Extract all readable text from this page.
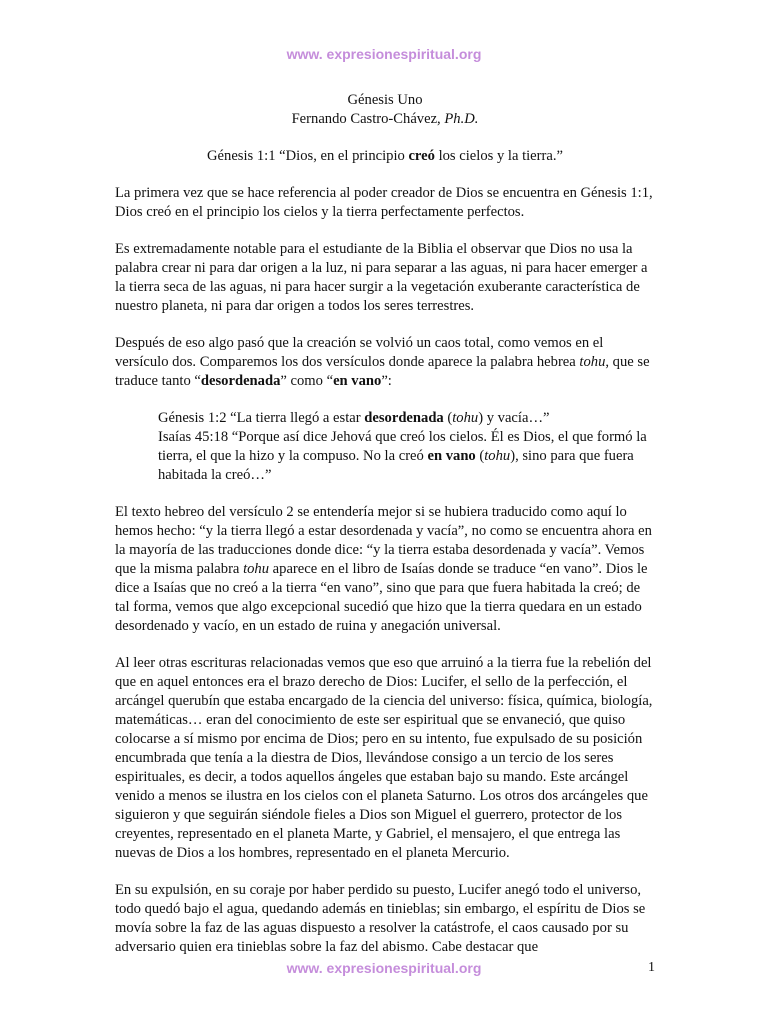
www. expresionespiritual.org
Génesis Uno
Fernando Castro-Chávez, Ph.D.
Génesis 1:1 “Dios, en el principio creó los cielos y la tierra.”

La primera vez que se hace referencia al poder creador de Dios se encuentra en Génesis 1:1, Dios creó en el principio los cielos y la tierra perfectamente perfectos.

Es extremadamente notable para el estudiante de la Biblia el observar que Dios no usa la palabra crear ni para dar origen a la luz, ni para separar a las aguas, ni para hacer emerger a la tierra seca de las aguas, ni para hacer surgir a la vegetación exuberante característica de nuestro planeta, ni para dar origen a todos los seres terrestres.

Después de eso algo pasó que la creación se volvió un caos total, como vemos en el versículo dos. Comparemos los dos versículos donde aparece la palabra hebrea tohu, que se traduce tanto “desordenada” como “en vano”:

Génesis 1:2 “La tierra llegó a estar desordenada (tohu) y vacía…”
Isaías 45:18 “Porque así dice Jehová que creó los cielos. Él es Dios, el que formó la tierra, el que la hizo y la compuso. No la creó en vano (tohu), sino para que fuera habitada la creó…”

El texto hebreo del versículo 2 se entendería mejor si se hubiera traducido como aquí lo hemos hecho: “y la tierra llegó a estar desordenada y vacía”, no como se encuentra ahora en la mayoría de las traducciones donde dice: “y la tierra estaba desordenada y vacía”. Vemos que la misma palabra tohu aparece en el libro de Isaías donde se traduce “en vano”. Dios le dice a Isaías que no creó a la tierra “en vano”, sino que para que fuera habitada la creó; de tal forma, vemos que algo excepcional sucedió que hizo que la tierra quedara en un estado desordenado y vacío, en un estado de ruina y anegación universal.

Al leer otras escrituras relacionadas vemos que eso que arruinó a la tierra fue la rebelión del que en aquel entonces era el brazo derecho de Dios: Lucifer, el sello de la perfección, el arcángel querubín que estaba encargado de la ciencia del universo: física, química, biología, matemáticas… eran del conocimiento de este ser espiritual que se envaneció, que quiso colocarse a sí mismo por encima de Dios; pero en su intento, fue expulsado de su posición encumbrada que tenía a la diestra de Dios, llevándose consigo a un tercio de los seres espirituales, es decir, a todos aquellos ángeles que estaban bajo su mando. Este arcángel venido a menos se ilustra en los cielos con el planeta Saturno. Los otros dos arcángeles que siguieron y que seguirán siéndole fieles a Dios son Miguel el guerrero, protector de los creyentes, representado en el planeta Marte, y Gabriel, el mensajero, el que entrega las nuevas de Dios a los hombres, representado en el planeta Mercurio.

En su expulsión, en su coraje por haber perdido su puesto, Lucifer anegó todo el universo, todo quedó bajo el agua, quedando además en tinieblas; sin embargo, el espíritu de Dios se movía sobre la faz de las aguas dispuesto a resolver la catástrofe, el caos causado por su adversario quien era tinieblas sobre la faz del abismo. Cabe destacar que

www. expresionespiritual.org	1
